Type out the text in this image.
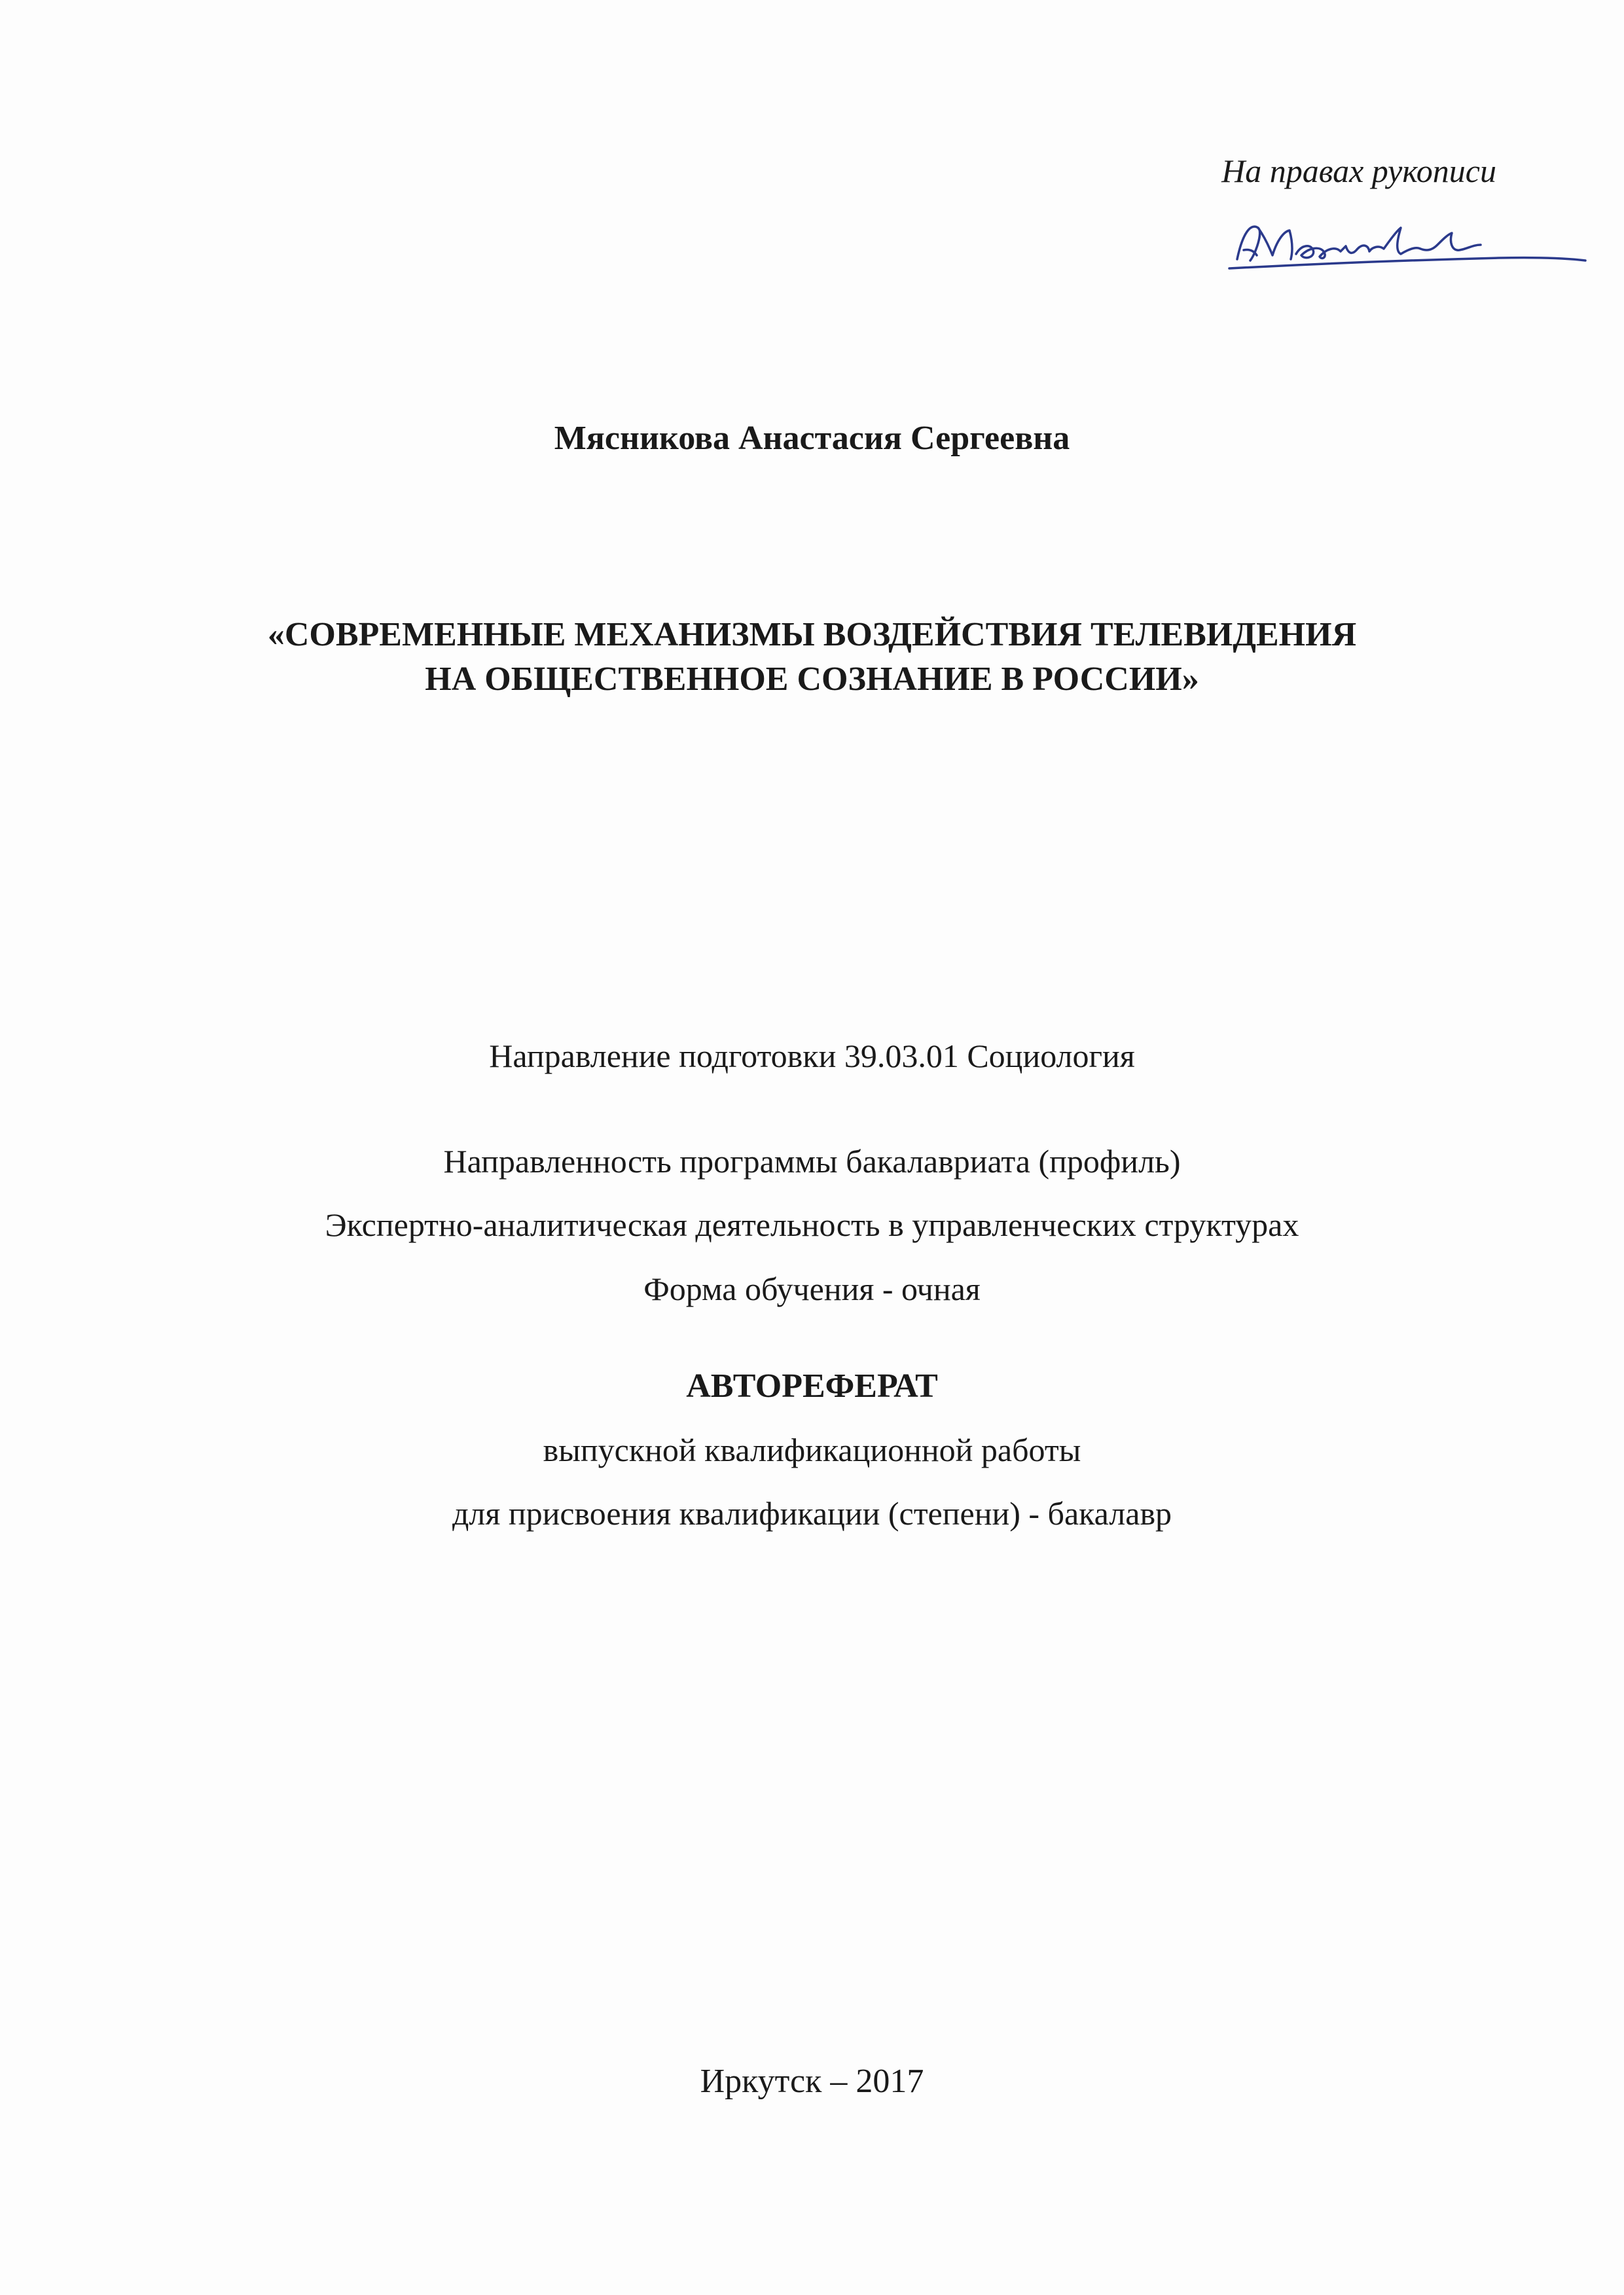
На правах рукописи
Мясникова Анастасия Сергеевна
«СОВРЕМЕННЫЕ МЕХАНИЗМЫ ВОЗДЕЙСТВИЯ ТЕЛЕВИДЕНИЯ
НА ОБЩЕСТВЕННОЕ СОЗНАНИЕ В РОССИИ»
Направление подготовки 39.03.01 Социология
Направленность программы бакалавриата (профиль)
Экспертно-аналитическая деятельность в управленческих структурах
Форма обучения - очная
АВТОРЕФЕРАТ
выпускной квалификационной работы
для присвоения квалификации (степени) - бакалавр
Иркутск – 2017
